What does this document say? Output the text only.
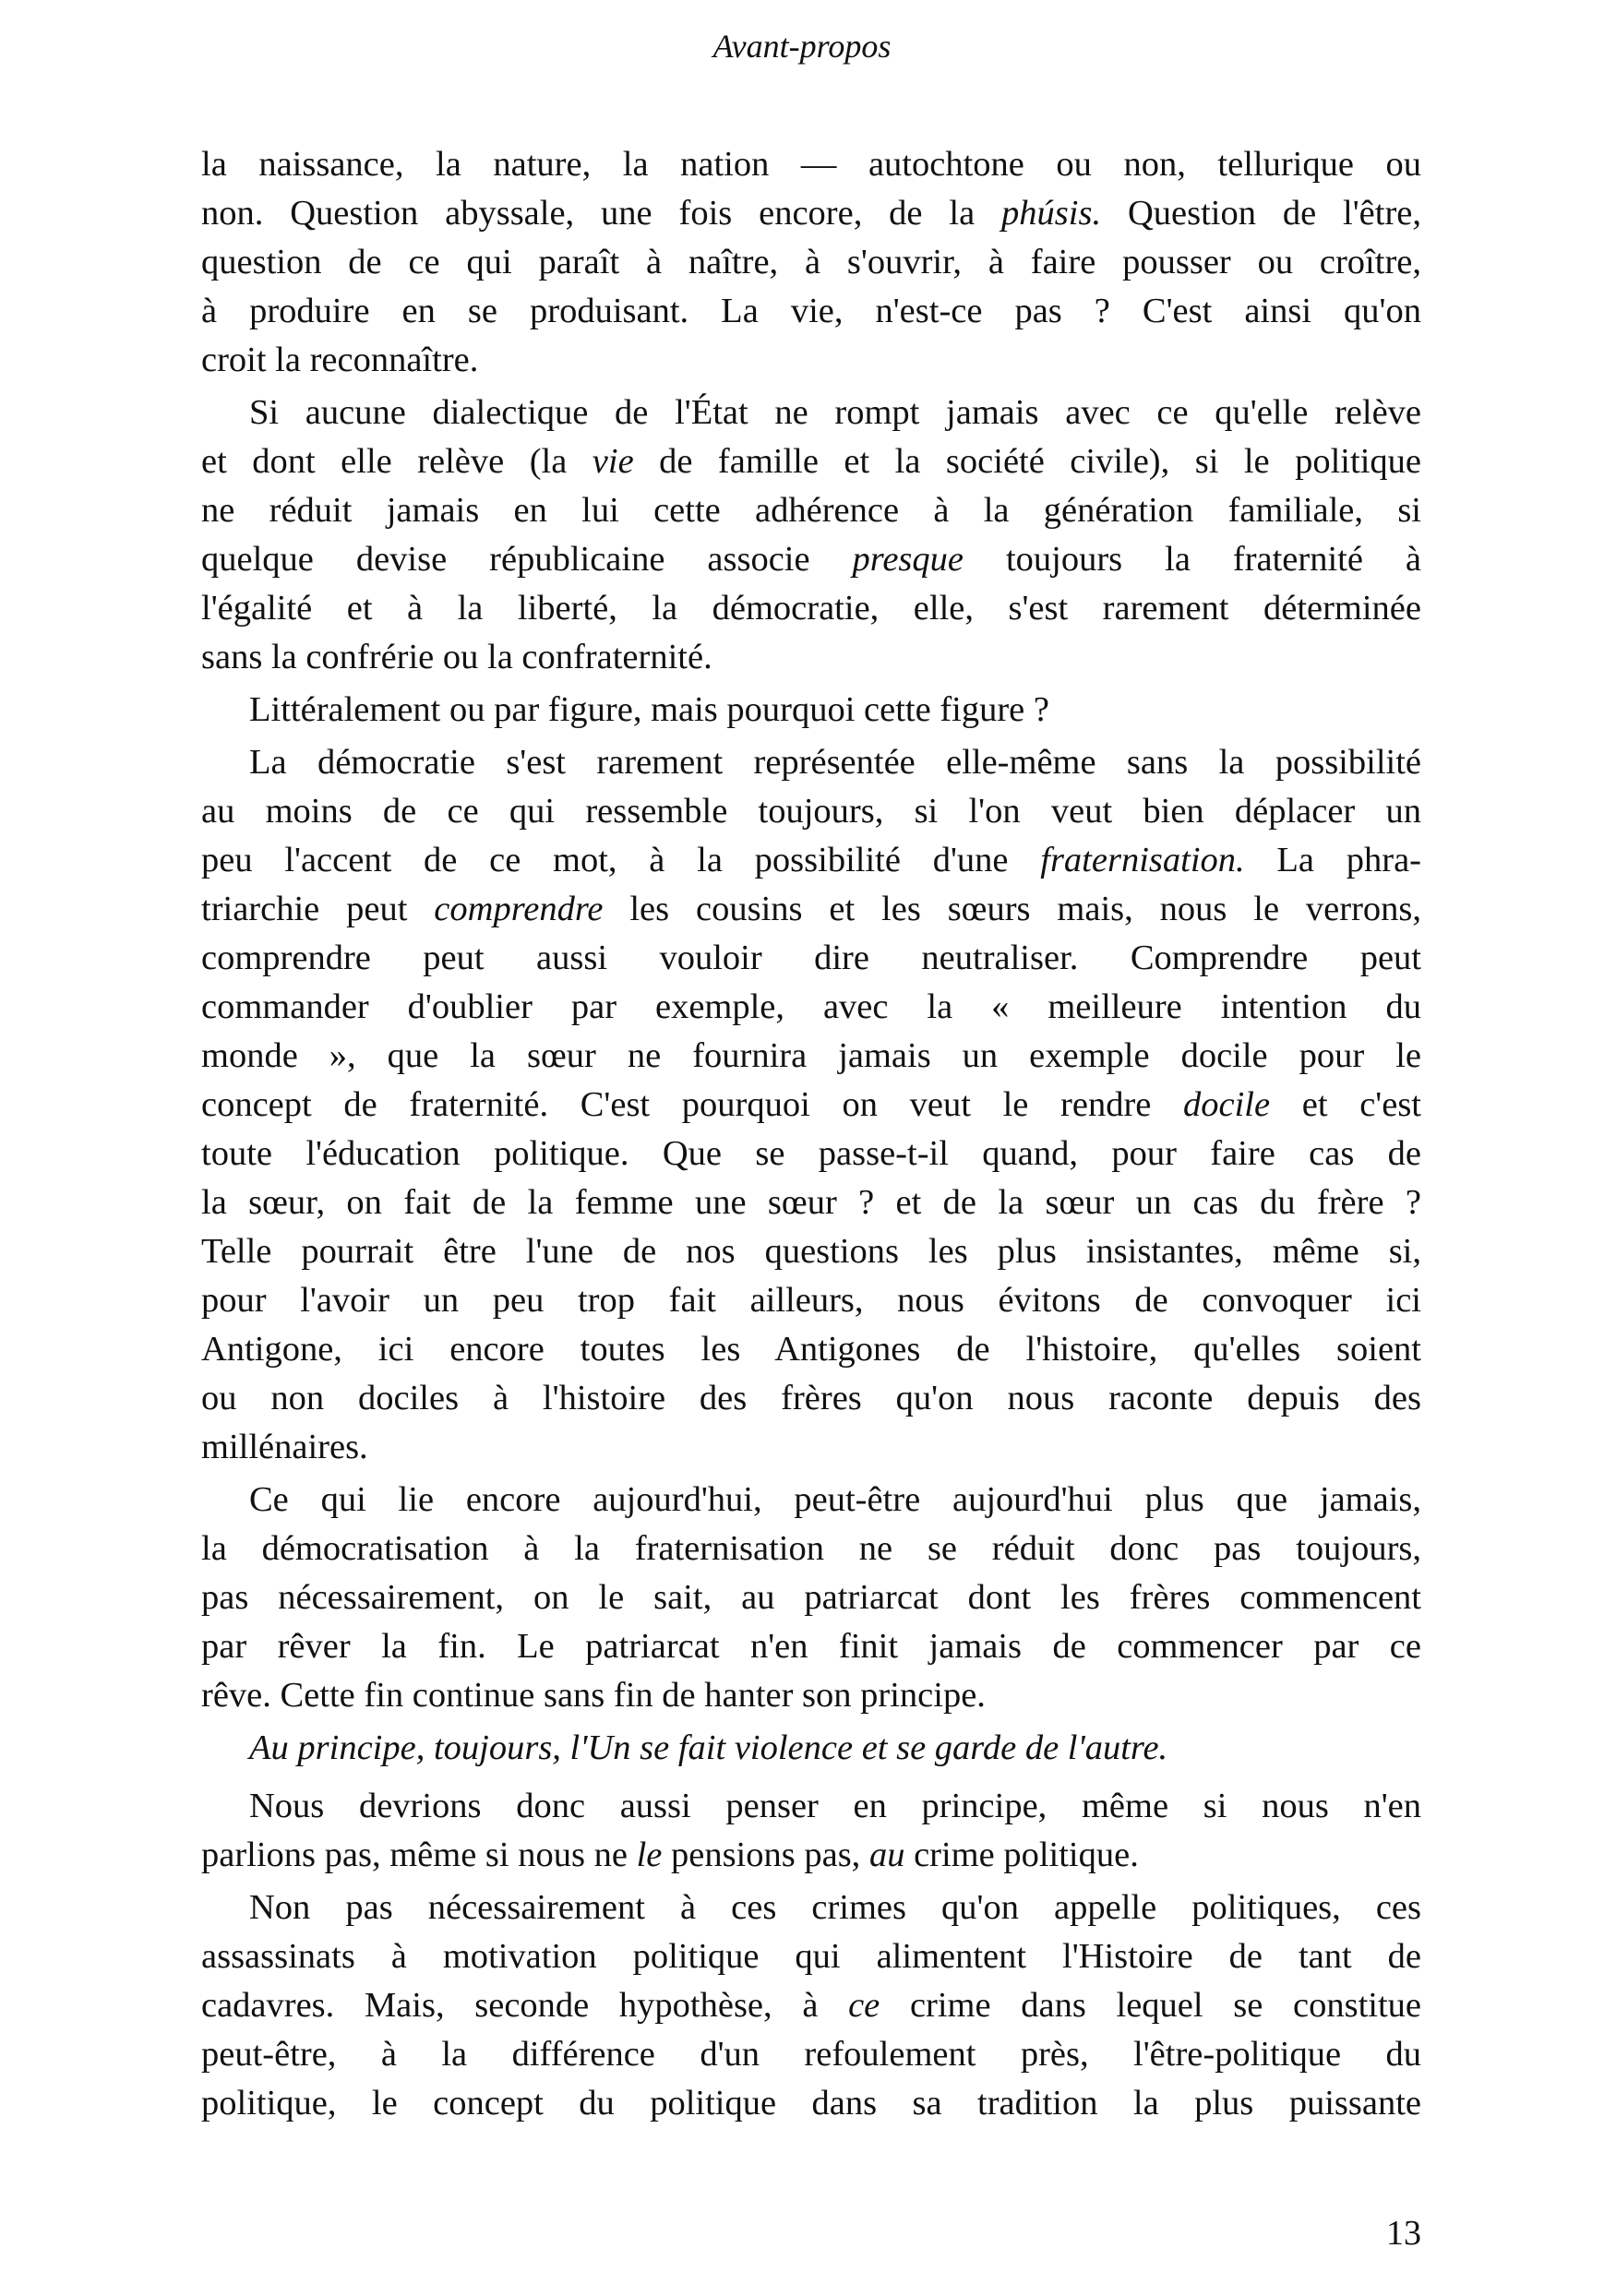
Avant-propos
la naissance, la nature, la nation — autochtone ou non, tellurique ou
non. Question abyssale, une fois encore, de la phúsis. Question de l'être,
question de ce qui paraît à naître, à s'ouvrir, à faire pousser ou croître,
à produire en se produisant. La vie, n'est-ce pas ? C'est ainsi qu'on
croit la reconnaître.
Si aucune dialectique de l'État ne rompt jamais avec ce qu'elle relève
et dont elle relève (la vie de famille et la société civile), si le politique
ne réduit jamais en lui cette adhérence à la génération familiale, si
quelque devise républicaine associe presque toujours la fraternité à
l'égalité et à la liberté, la démocratie, elle, s'est rarement déterminée
sans la confrérie ou la confraternité.
Littéralement ou par figure, mais pourquoi cette figure ?
La démocratie s'est rarement représentée elle-même sans la possibilité
au moins de ce qui ressemble toujours, si l'on veut bien déplacer un
peu l'accent de ce mot, à la possibilité d'une fraternisation. La phra-
triarchie peut comprendre les cousins et les sœurs mais, nous le verrons,
comprendre peut aussi vouloir dire neutraliser. Comprendre peut
commander d'oublier par exemple, avec la « meilleure intention du
monde », que la sœur ne fournira jamais un exemple docile pour le
concept de fraternité. C'est pourquoi on veut le rendre docile et c'est
toute l'éducation politique. Que se passe-t-il quand, pour faire cas de
la sœur, on fait de la femme une sœur ? et de la sœur un cas du frère ?
Telle pourrait être l'une de nos questions les plus insistantes, même si,
pour l'avoir un peu trop fait ailleurs, nous évitons de convoquer ici
Antigone, ici encore toutes les Antigones de l'histoire, qu'elles soient
ou non dociles à l'histoire des frères qu'on nous raconte depuis des
millénaires.
Ce qui lie encore aujourd'hui, peut-être aujourd'hui plus que jamais,
la démocratisation à la fraternisation ne se réduit donc pas toujours,
pas nécessairement, on le sait, au patriarcat dont les frères commencent
par rêver la fin. Le patriarcat n'en finit jamais de commencer par ce
rêve. Cette fin continue sans fin de hanter son principe.
Au principe, toujours, l'Un se fait violence et se garde de l'autre.
Nous devrions donc aussi penser en principe, même si nous n'en
parlions pas, même si nous ne le pensions pas, au crime politique.
Non pas nécessairement à ces crimes qu'on appelle politiques, ces
assassinats à motivation politique qui alimentent l'Histoire de tant de
cadavres. Mais, seconde hypothèse, à ce crime dans lequel se constitue
peut-être, à la différence d'un refoulement près, l'être-politique du
politique, le concept du politique dans sa tradition la plus puissante
13
